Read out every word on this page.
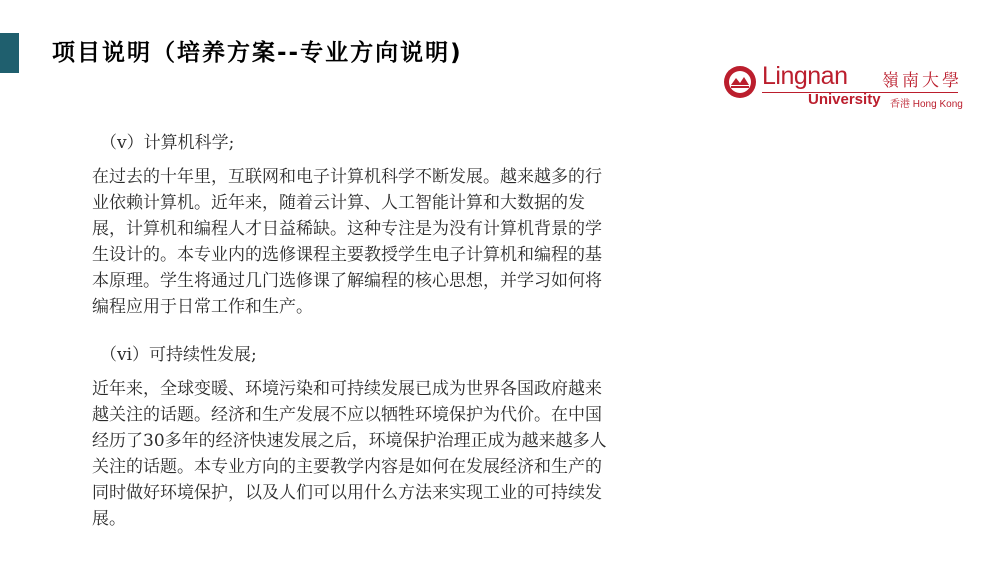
项目说明（培养方案--专业方向说明)
Lingnan 嶺南大學
University 香港 Hong Kong
（v）计算机科学;
在过去的十年里，互联网和电子计算机科学不断发展。越来越多的行
业依赖计算机。近年来，随着云计算、人工智能计算和大数据的发
展，计算机和编程人才日益稀缺。这种专注是为没有计算机背景的学
生设计的。本专业内的选修课程主要教授学生电子计算机和编程的基
本原理。学生将通过几门选修课了解编程的核心思想，并学习如何将
编程应用于日常工作和生产。
（vi）可持续性发展;
近年来，全球变暖、环境污染和可持续发展已成为世界各国政府越来
越关注的话题。经济和生产发展不应以牺牲环境保护为代价。在中国
经历了30多年的经济快速发展之后，环境保护治理正成为越来越多人
关注的话题。本专业方向的主要教学内容是如何在发展经济和生产的
同时做好环境保护，以及人们可以用什么方法来实现工业的可持续发
展。
